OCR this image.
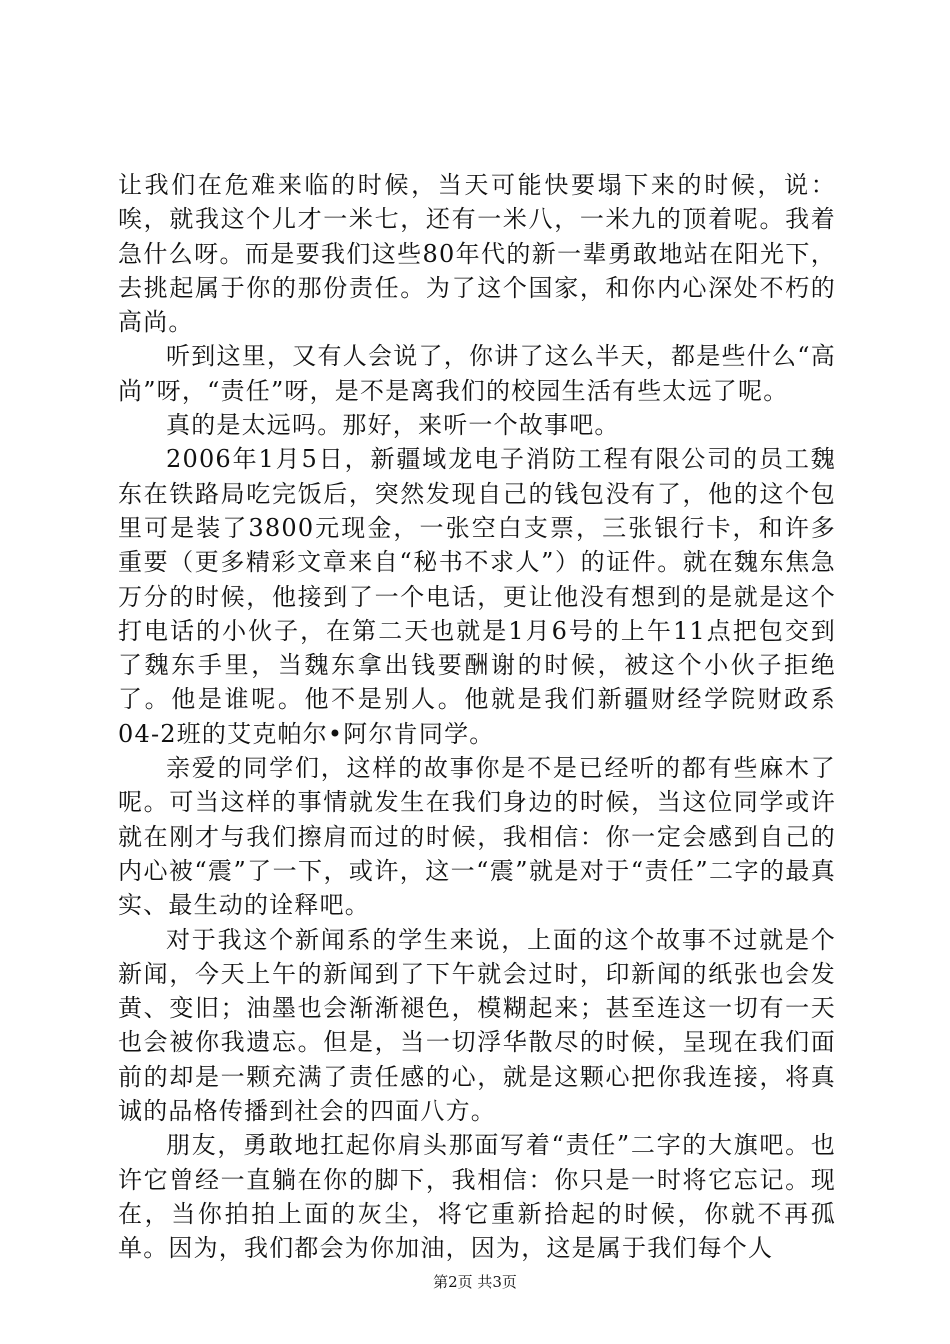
让我们在危难来临的时候，当天可能快要塌下来的时候，说：唉，就我这个儿才一米七，还有一米八，一米九的顶着呢。我着急什么呀。而是要我们这些80年代的新一辈勇敢地站在阳光下，去挑起属于你的那份责任。为了这个国家，和你内心深处不朽的高尚。

听到这里，又有人会说了，你讲了这么半天，都是些什么“高尚”呀，“责任”呀，是不是离我们的校园生活有些太远了呢。

真的是太远吗。那好，来听一个故事吧。

2006年1月5日，新疆域龙电子消防工程有限公司的员工魏东在铁路局吃完饭后，突然发现自己的钱包没有了，他的这个包里可是装了3800元现金，一张空白支票，三张银行卡，和许多重要（更多精彩文章来自“秘书不求人”）的证件。就在魏东焦急万分的时候，他接到了一个电话，更让他没有想到的是就是这个打电话的小伙子，在第二天也就是1月6号的上午11点把包交到了魏东手里，当魏东拿出钱要酬谢的时候，被这个小伙子拒绝了。他是谁呢。他不是别人。他就是我们新疆财经学院财政系04-2班的艾克帕尔•阿尔肯同学。

亲爱的同学们，这样的故事你是不是已经听的都有些麻木了呢。可当这样的事情就发生在我们身边的时候，当这位同学或许就在刚才与我们擦肩而过的时候，我相信：你一定会感到自己的内心被“震”了一下，或许，这一“震”就是对于“责任”二字的最真实、最生动的诠释吧。

对于我这个新闻系的学生来说，上面的这个故事不过就是个新闻，今天上午的新闻到了下午就会过时，印新闻的纸张也会发黄、变旧；油墨也会渐渐褪色，模糊起来；甚至连这一切有一天也会被你我遗忘。但是，当一切浮华散尽的时候，呈现在我们面前的却是一颗充满了责任感的心，就是这颗心把你我连接，将真诚的品格传播到社会的四面八方。

朋友，勇敢地扛起你肩头那面写着“责任”二字的大旗吧。也许它曾经一直躺在你的脚下，我相信：你只是一时将它忘记。现在，当你拍拍上面的灰尘，将它重新拾起的时候，你就不再孤单。因为，我们都会为你加油，因为，这是属于我们每个人

第2页 共3页
